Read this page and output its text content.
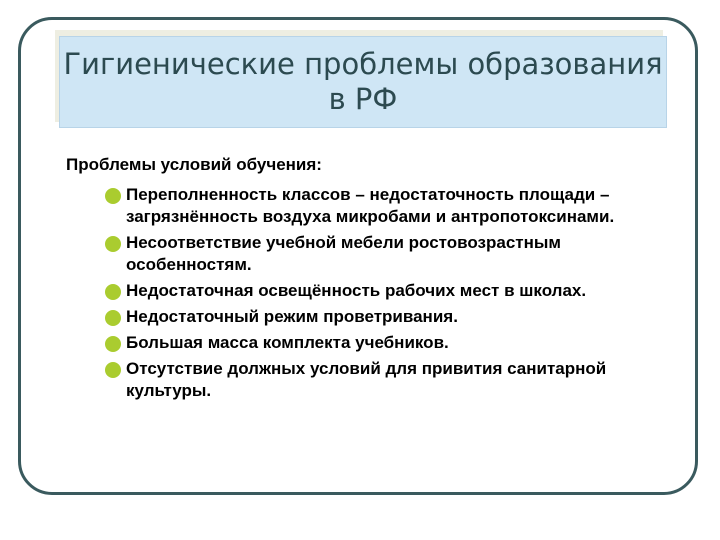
Гигиенические проблемы образования в РФ

Проблемы условий обучения:

Переполненность классов – недостаточность площади – загрязнённость воздуха микробами и антропотоксинами.
Несоответствие учебной мебели ростовозрастным особенностям.
Недостаточная освещённость рабочих мест в школах.
Недостаточный режим проветривания.
Большая масса комплекта учебников.
Отсутствие должных условий для привития санитарной культуры.
